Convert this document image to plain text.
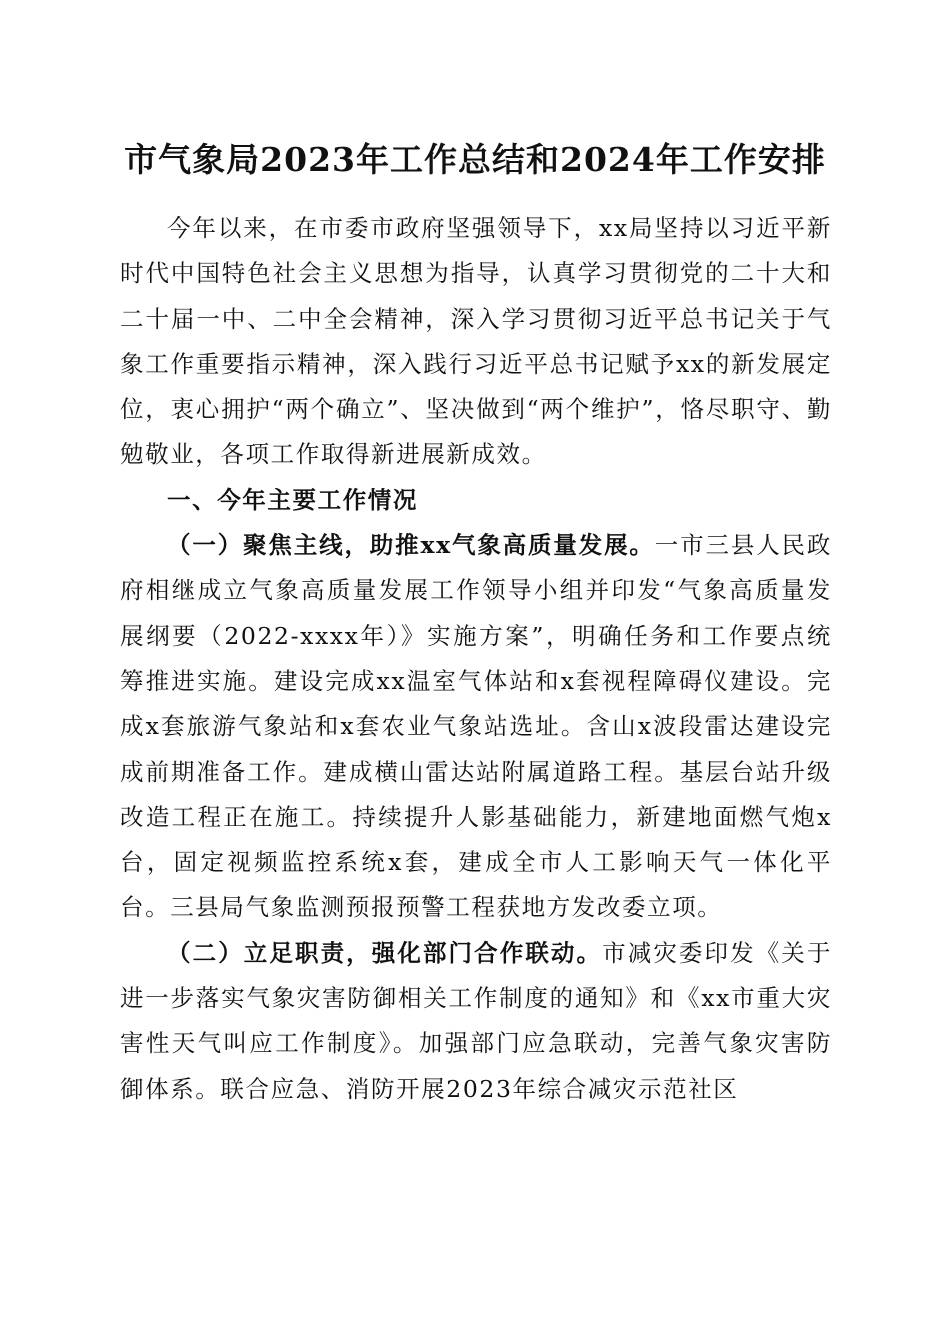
市气象局2023年工作总结和2024年工作安排

今年以来，在市委市政府坚强领导下，xx局坚持以习近平新时代中国特色社会主义思想为指导，认真学习贯彻党的二十大和二十届一中、二中全会精神，深入学习贯彻习近平总书记关于气象工作重要指示精神，深入践行习近平总书记赋予xx的新发展定位，衷心拥护“两个确立”、坚决做到“两个维护”，恪尽职守、勤勉敬业，各项工作取得新进展新成效。

一、今年主要工作情况

（一）聚焦主线，助推xx气象高质量发展。一市三县人民政府相继成立气象高质量发展工作领导小组并印发“气象高质量发展纲要（2022-xxxx年）》实施方案”，明确任务和工作要点统筹推进实施。建设完成xx温室气体站和x套视程障碍仪建设。完成x套旅游气象站和x套农业气象站选址。含山x波段雷达建设完成前期准备工作。建成横山雷达站附属道路工程。基层台站升级改造工程正在施工。持续提升人影基础能力，新建地面燃气炮x台，固定视频监控系统x套，建成全市人工影响天气一体化平台。三县局气象监测预报预警工程获地方发改委立项。

（二）立足职责，强化部门合作联动。市减灾委印发《关于进一步落实气象灾害防御相关工作制度的通知》和《xx市重大灾害性天气叫应工作制度》。加强部门应急联动，完善气象灾害防御体系。联合应急、消防开展2023年综合减灾示范社区
